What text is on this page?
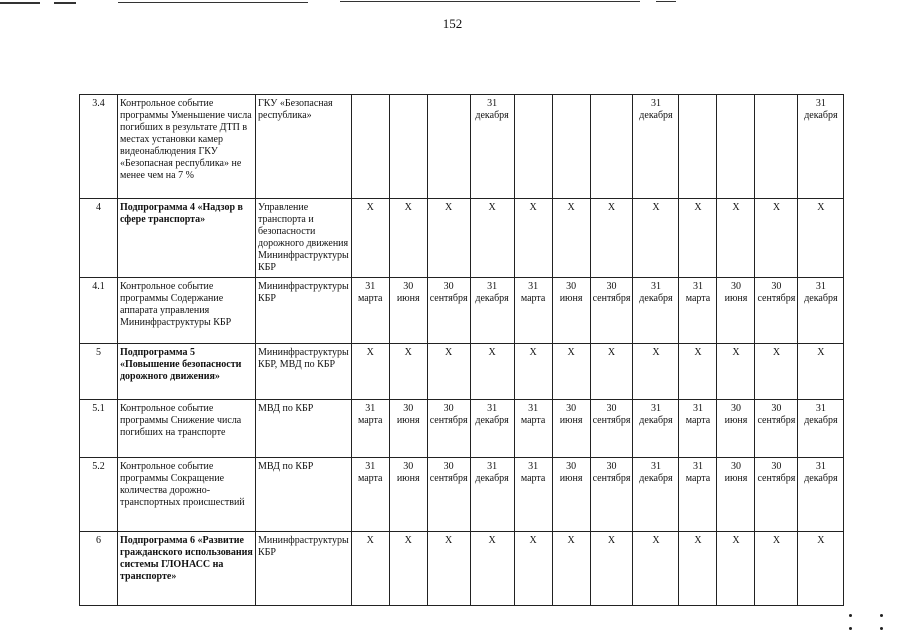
152
3.4	Контрольное событие программы Уменьшение числа погибших в результате ДТП в местах установки камер видеонаблюдения ГКУ «Безопасная республика» не менее чем на 7 %	ГКУ «Безопасная республика»				31 декабря				31 декабря				31 декабря
4	Подпрограмма 4 «Надзор в сфере транспорта»	Управление транспорта и безопасности дорожного движения Мининфраструктуры КБР	X	X	X	X	X	X	X	X	X	X	X	X
4.1	Контрольное событие программы Содержание аппарата управления Мининфраструктуры КБР	Мининфраструктуры КБР	31 марта	30 июня	30 сентября	31 декабря	31 марта	30 июня	30 сентября	31 декабря	31 марта	30 июня	30 сентября	31 декабря
5	Подпрограмма 5 «Повышение безопасности дорожного движения»	Мининфраструктуры КБР, МВД по КБР	X	X	X	X	X	X	X	X	X	X	X	X
5.1	Контрольное событие программы Снижение числа погибших на транспорте	МВД по КБР	31 марта	30 июня	30 сентября	31 декабря	31 марта	30 июня	30 сентября	31 декабря	31 марта	30 июня	30 сентября	31 декабря
5.2	Контрольное событие программы Сокращение количества дорожно-транспортных происшествий	МВД по КБР	31 марта	30 июня	30 сентября	31 декабря	31 марта	30 июня	30 сентября	31 декабря	31 марта	30 июня	30 сентября	31 декабря
6	Подпрограмма 6 «Развитие гражданского использования системы ГЛОНАСС на транспорте»	Мининфраструктуры КБР	X	X	X	X	X	X	X	X	X	X	X	X
